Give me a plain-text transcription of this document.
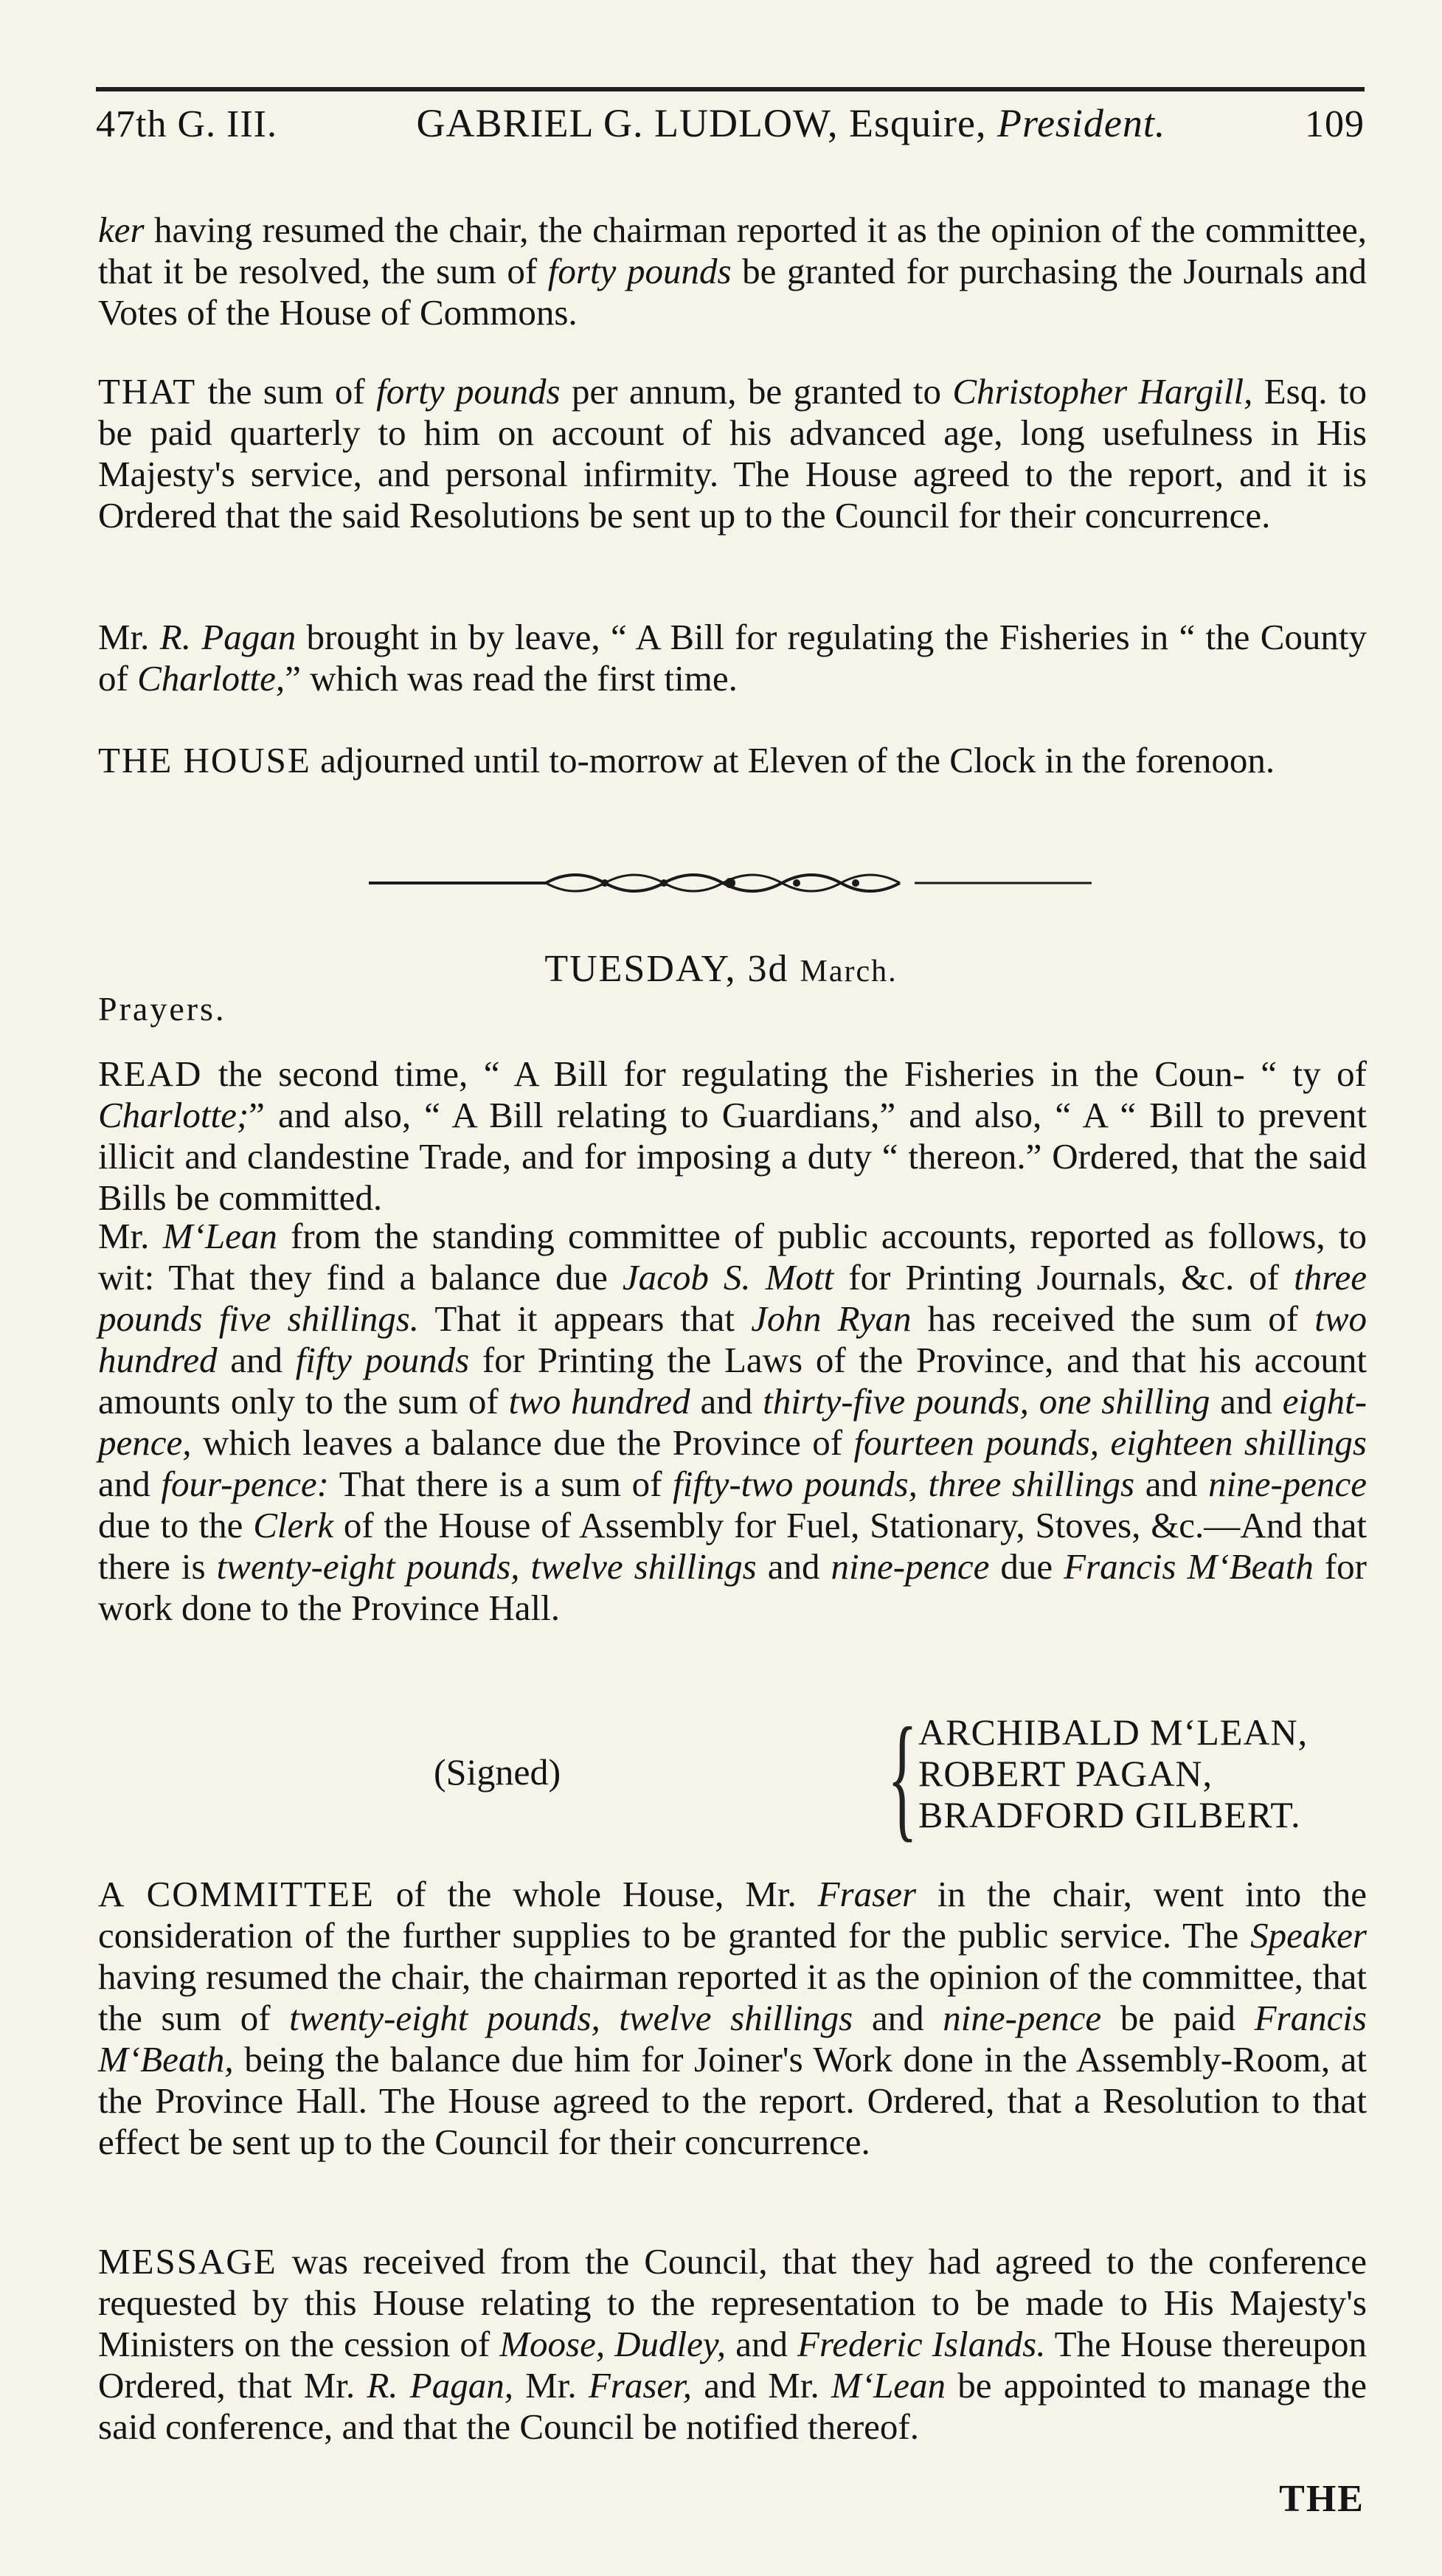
47th G. III.	GABRIEL G. LUDLOW, Esquire, President.	109

ker having resumed the chair, the chairman reported it as the opinion of the committee, that it be resolved, the sum of forty pounds be granted for purchasing the Journals and Votes of the House of Commons.

THAT the sum of forty pounds per annum, be granted to Christopher Hargill, Esq. to be paid quarterly to him on account of his advanced age, long usefulness in His Majesty's service, and personal infirmity. The House agreed to the report, and it is Ordered that the said Resolutions be sent up to the Council for their concurrence.

Mr. R. Pagan brought in by leave, “ A Bill for regulating the Fisheries in “ the County of Charlotte,” which was read the first time.

THE HOUSE adjourned until to-morrow at Eleven of the Clock in the forenoon.

TUESDAY, 3d March.
Prayers.

READ the second time, “ A Bill for regulating the Fisheries in the Coun- “ ty of Charlotte;” and also, “ A Bill relating to Guardians,” and also, “ A “ Bill to prevent illicit and clandestine Trade, and for imposing a duty “ thereon.” Ordered, that the said Bills be committed.

Mr. M‘Lean from the standing committee of public accounts, reported as follows, to wit: That they find a balance due Jacob S. Mott for Printing Journals, &c. of three pounds five shillings. That it appears that John Ryan has received the sum of two hundred and fifty pounds for Printing the Laws of the Province, and that his account amounts only to the sum of two hundred and thirty-five pounds, one shilling and eight-pence, which leaves a balance due the Province of fourteen pounds, eighteen shillings and four-pence: That there is a sum of fifty-two pounds, three shillings and nine-pence due to the Clerk of the House of Assembly for Fuel, Stationary, Stoves, &c.—And that there is twenty-eight pounds, twelve shillings and nine-pence due Francis M‘Beath for work done to the Province Hall.

(Signed) { ARCHIBALD M‘LEAN,
ROBERT PAGAN,
BRADFORD GILBERT.

A COMMITTEE of the whole House, Mr. Fraser in the chair, went into the consideration of the further supplies to be granted for the public service. The Speaker having resumed the chair, the chairman reported it as the opinion of the committee, that the sum of twenty-eight pounds, twelve shillings and nine-pence be paid Francis M‘Beath, being the balance due him for Joiner's Work done in the Assembly-Room, at the Province Hall. The House agreed to the report. Ordered, that a Resolution to that effect be sent up to the Council for their concurrence.

MESSAGE was received from the Council, that they had agreed to the conference requested by this House relating to the representation to be made to His Majesty's Ministers on the cession of Moose, Dudley, and Frederic Islands. The House thereupon Ordered, that Mr. R. Pagan, Mr. Fraser, and Mr. M‘Lean be appointed to manage the said conference, and that the Council be notified thereof.

THE
